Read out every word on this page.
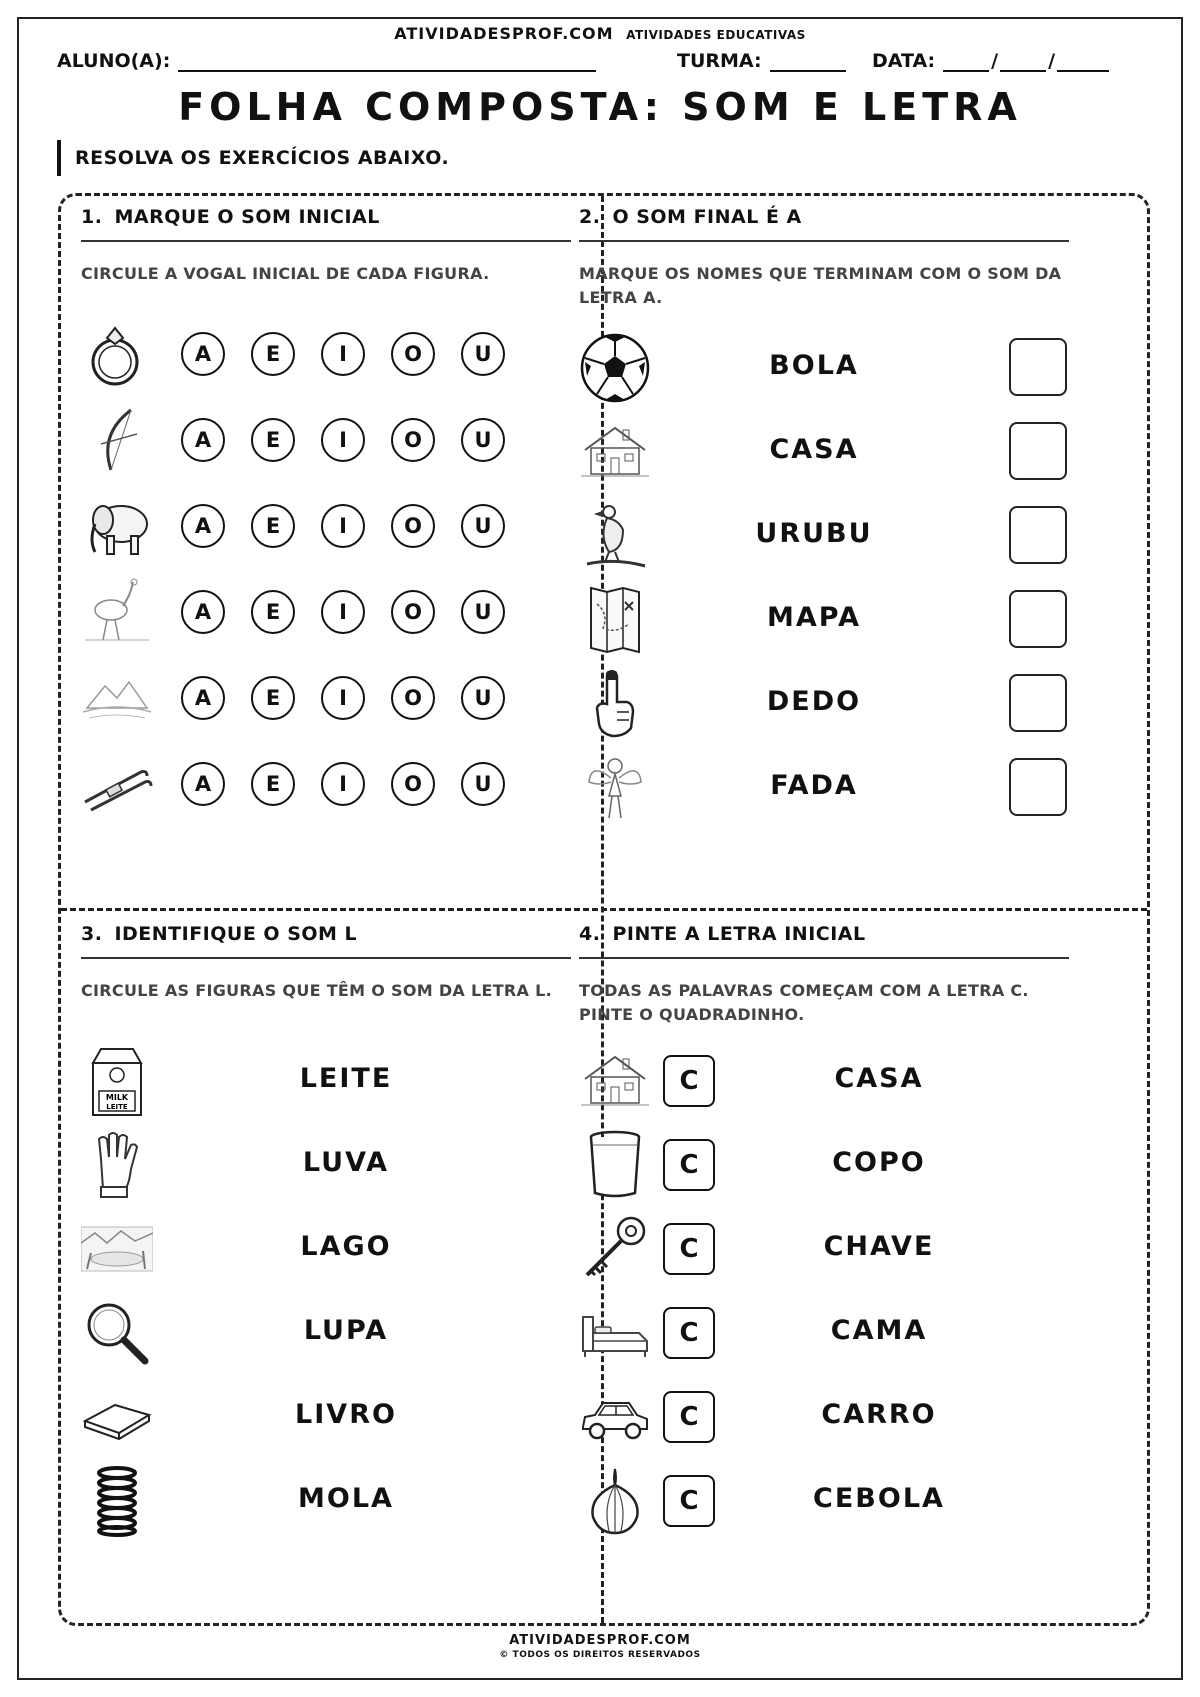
ATIVIDADESPROF.COM ATIVIDADES EDUCATIVAS
ALUNO(A):	TURMA:	DATA:	/	/
FOLHA COMPOSTA: SOM E LETRA
RESOLVA OS EXERCÍCIOS ABAIXO.
1. MARQUE O SOM INICIAL
CIRCULE A VOGAL INICIAL DE CADA FIGURA.
A	E	I	O	U
A	E	I	O	U
A	E	I	O	U
A	E	I	O	U
A	E	I	O	U
A	E	I	O	U
2. O SOM FINAL É A
MARQUE OS NOMES QUE TERMINAM COM O SOM DA LETRA A.
BOLA
CASA
URUBU
MAPA
DEDO
FADA
3. IDENTIFIQUE O SOM L
CIRCULE AS FIGURAS QUE TÊM O SOM DA LETRA L.
MILK
LEITE
LEITE
LUVA
LAGO
LUPA
LIVRO
MOLA
4. PINTE A LETRA INICIAL
TODAS AS PALAVRAS COMEÇAM COM A LETRA C. PINTE O QUADRADINHO.
C	CASA
C	COPO
C	CHAVE
C	CAMA
C	CARRO
C	CEBOLA
ATIVIDADESPROF.COM
© TODOS OS DIREITOS RESERVADOS
